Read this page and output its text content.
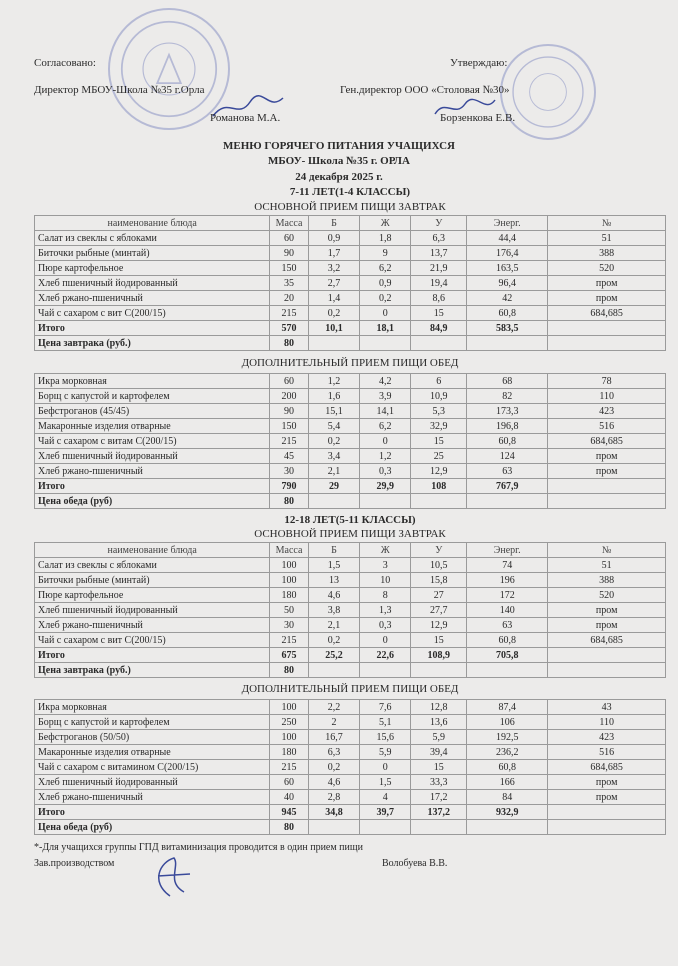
Согласовано:	Утверждаю:
Директор МБОУ-Школа №35 г.Орла	Ген.директор ООО «Столовая №30»
Романова М.А.	Борзенкова Е.В.
МЕНЮ ГОРЯЧЕГО ПИТАНИЯ УЧАЩИХСЯ
МБОУ- Школа №35 г. ОРЛА
24 декабря 2025 г.
7-11 ЛЕТ(1-4 КЛАССЫ)
ОСНОВНОЙ ПРИЕМ ПИЩИ ЗАВТРАК
наименование блюда	Масса	Б	Ж	У	Энерг.	№
Салат из свеклы с яблоками	60	0,9	1,8	6,3	44,4	51
Биточки рыбные (минтай)	90	1,7	9	13,7	176,4	388
Пюре картофельное	150	3,2	6,2	21,9	163,5	520
Хлеб пшеничный йодированный	35	2,7	0,9	19,4	96,4	пром
Хлеб ржано-пшеничный	20	1,4	0,2	8,6	42	пром
Чай с сахаром с вит С(200/15)	215	0,2	0	15	60,8	684,685
Итого	570	10,1	18,1	84,9	583,5	
Цена завтрака (руб.)	80					
ДОПОЛНИТЕЛЬНЫЙ ПРИЕМ ПИЩИ ОБЕД
Икра морковная	60	1,2	4,2	6	68	78
Борщ с капустой и картофелем	200	1,6	3,9	10,9	82	110
Бефстроганов (45/45)	90	15,1	14,1	5,3	173,3	423
Макаронные изделия отварные	150	5,4	6,2	32,9	196,8	516
Чай с сахаром с витам С(200/15)	215	0,2	0	15	60,8	684,685
Хлеб пшеничный йодированный	45	3,4	1,2	25	124	пром
Хлеб ржано-пшеничный	30	2,1	0,3	12,9	63	пром
Итого	790	29	29,9	108	767,9	
Цена обеда (руб)	80					
12-18 ЛЕТ(5-11 КЛАССЫ)
ОСНОВНОЙ ПРИЕМ ПИЩИ ЗАВТРАК
наименование блюда	Масса	Б	Ж	У	Энерг.	№
Салат из свеклы с яблоками	100	1,5	3	10,5	74	51
Биточки рыбные (минтай)	100	13	10	15,8	196	388
Пюре картофельное	180	4,6	8	27	172	520
Хлеб пшеничный йодированный	50	3,8	1,3	27,7	140	пром
Хлеб ржано-пшеничный	30	2,1	0,3	12,9	63	пром
Чай с сахаром с вит С(200/15)	215	0,2	0	15	60,8	684,685
Итого	675	25,2	22,6	108,9	705,8	
Цена завтрака (руб.)	80					
ДОПОЛНИТЕЛЬНЫЙ ПРИЕМ ПИЩИ ОБЕД
Икра морковная	100	2,2	7,6	12,8	87,4	43
Борщ с капустой и картофелем	250	2	5,1	13,6	106	110
Бефстроганов (50/50)	100	16,7	15,6	5,9	192,5	423
Макаронные изделия отварные	180	6,3	5,9	39,4	236,2	516
Чай с сахаром с витамином С(200/15)	215	0,2	0	15	60,8	684,685
Хлеб пшеничный йодированный	60	4,6	1,5	33,3	166	пром
Хлеб ржано-пшеничный	40	2,8	4	17,2	84	пром
Итого	945	34,8	39,7	137,2	932,9	
Цена обеда (руб)	80					
*-Для учащихся группы ГПД витаминизация проводится в один прием пищи
Зав.производством	Волобуева В.В.
